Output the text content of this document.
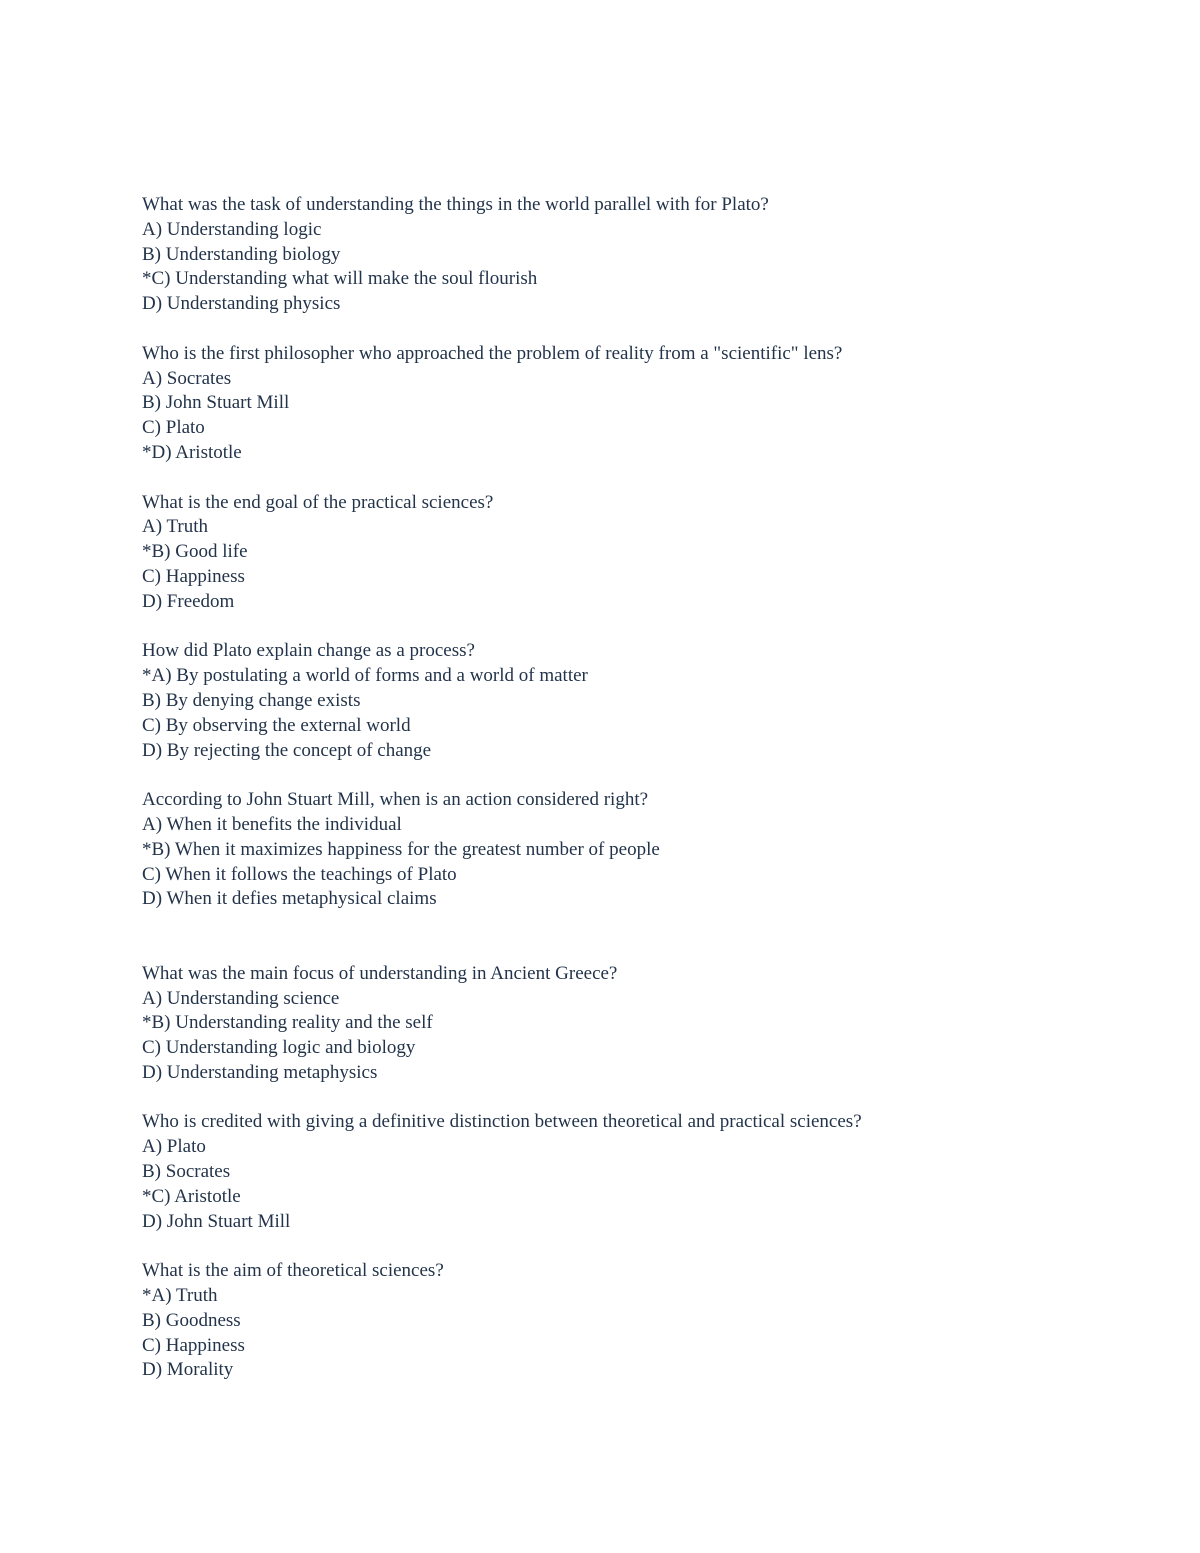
What was the task of understanding the things in the world parallel with for Plato?
A) Understanding logic
B) Understanding biology
*C) Understanding what will make the soul flourish
D) Understanding physics
Who is the first philosopher who approached the problem of reality from a "scientific" lens?
A) Socrates
B) John Stuart Mill
C) Plato
*D) Aristotle
What is the end goal of the practical sciences?
A) Truth
*B) Good life
C) Happiness
D) Freedom
How did Plato explain change as a process?
*A) By postulating a world of forms and a world of matter
B) By denying change exists
C) By observing the external world
D) By rejecting the concept of change
According to John Stuart Mill, when is an action considered right?
A) When it benefits the individual
*B) When it maximizes happiness for the greatest number of people
C) When it follows the teachings of Plato
D) When it defies metaphysical claims
What was the main focus of understanding in Ancient Greece?
A) Understanding science
*B) Understanding reality and the self
C) Understanding logic and biology
D) Understanding metaphysics
Who is credited with giving a definitive distinction between theoretical and practical sciences?
A) Plato
B) Socrates
*C) Aristotle
D) John Stuart Mill
What is the aim of theoretical sciences?
*A) Truth
B) Goodness
C) Happiness
D) Morality
